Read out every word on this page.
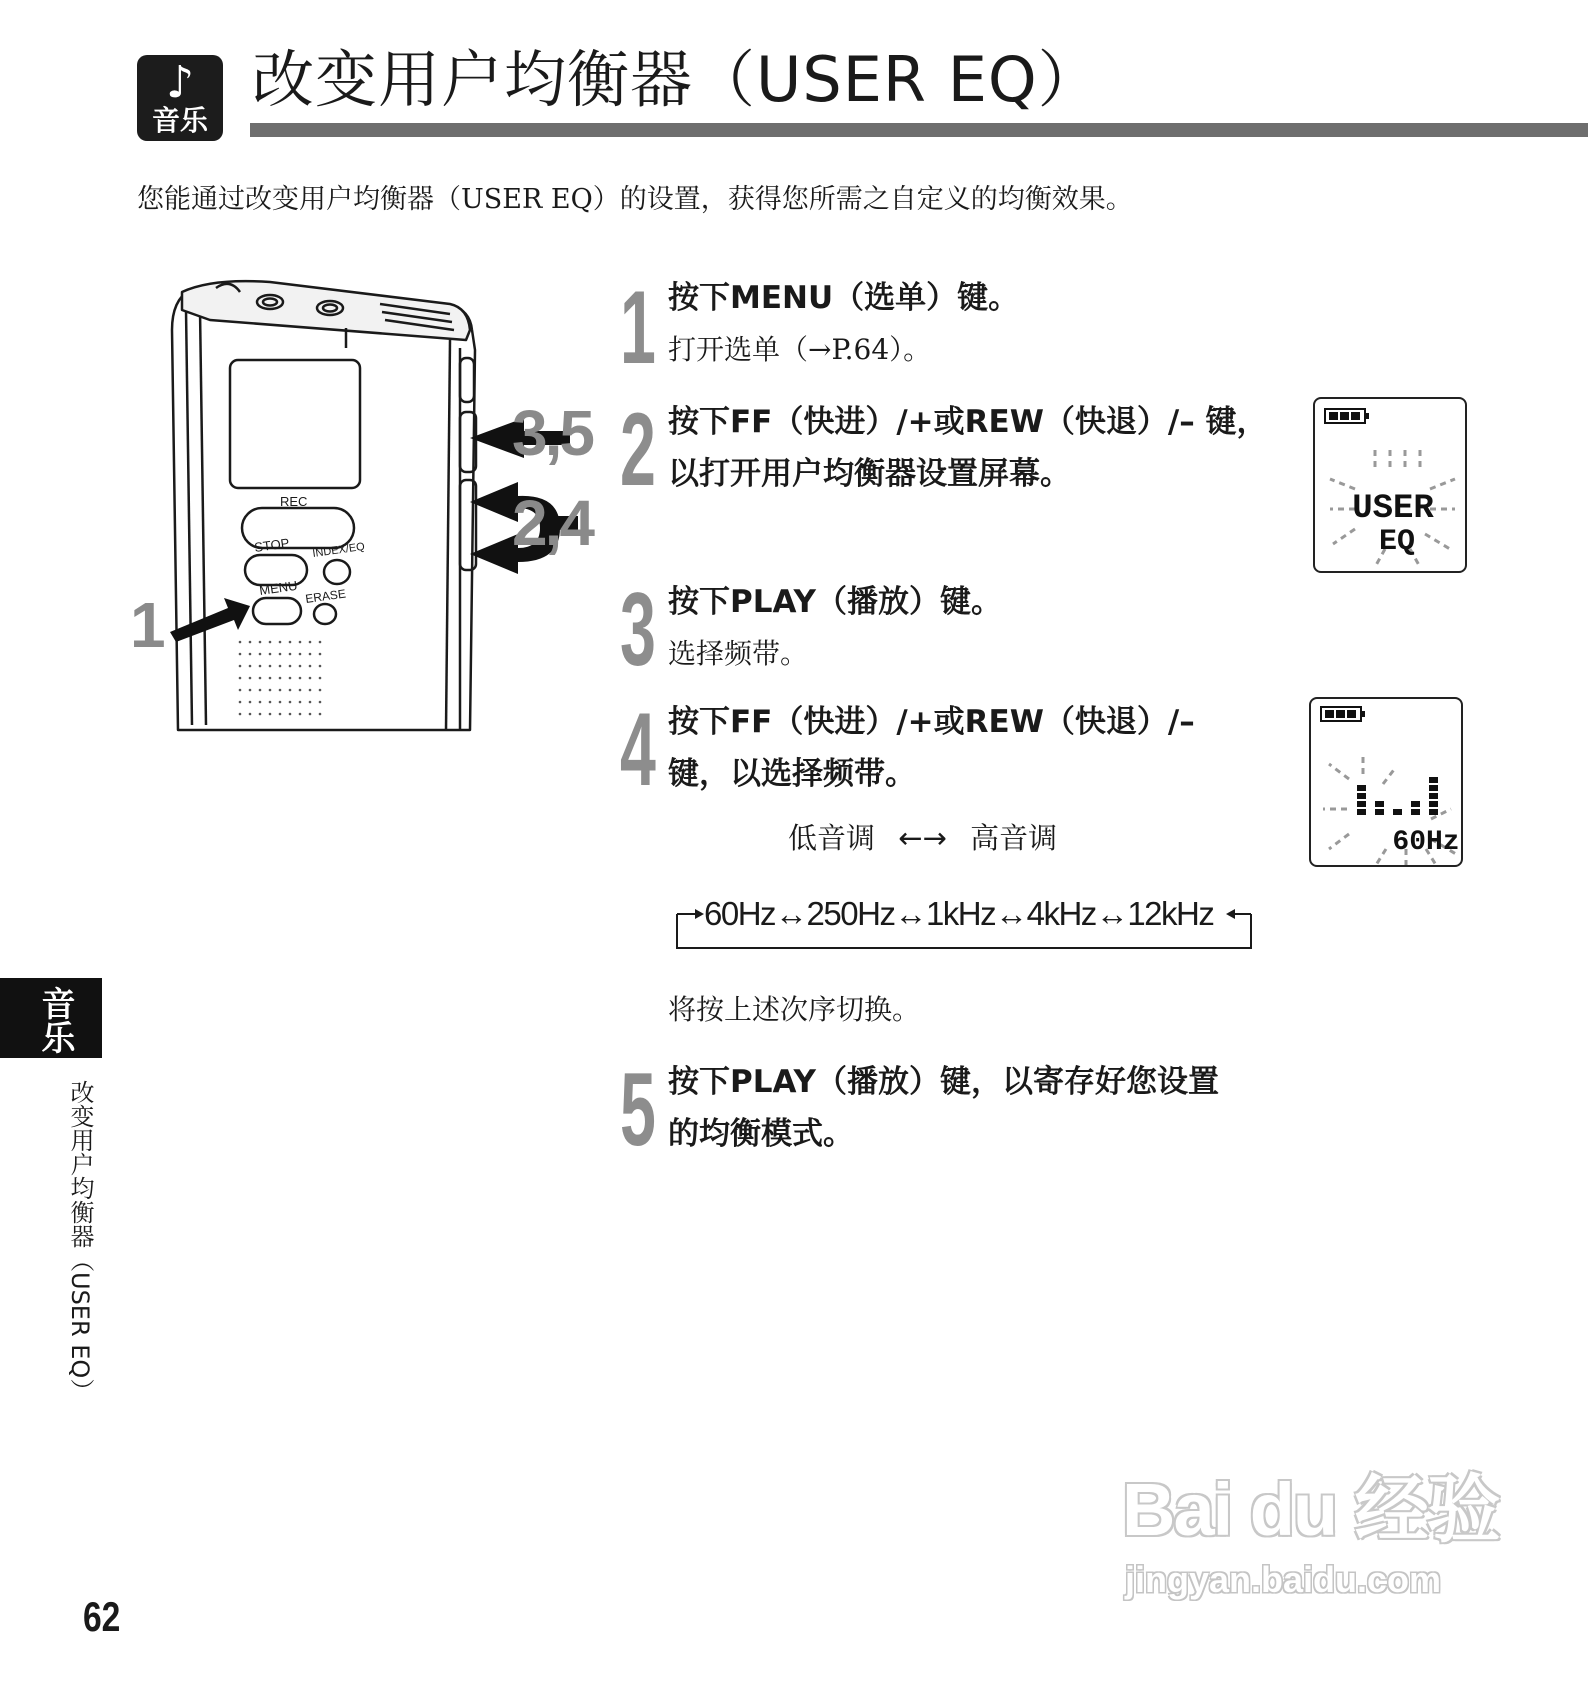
♪
音乐
改变用户均衡器（USER EQ）
您能通过改变用户均衡器（USER EQ）的设置，获得您所需之自定义的均衡效果。
REC
STOP INDEX/EQ
MENU ERASE
1
3,5
2,4
1 按下MENU（选单）键。
打开选单（→P.64）。
2 按下FF（快进）/+或REW（快退）/– 键，
以打开用户均衡器设置屏幕。
3 按下PLAY（播放）键。
选择频带。
4 按下FF（快进）/+或REW（快退）/–
键，以选择频带。
低音调 ←→ 高音调
60Hz↔250Hz↔1kHz↔4kHz↔12kHz
将按上述次序切换。
5 按下PLAY（播放）键，以寄存好您设置
的均衡模式。
USER
EQ
60Hz
音乐
改变用户均衡器（USER EQ）
62
Bai du 经验
jingyan.baidu.com
